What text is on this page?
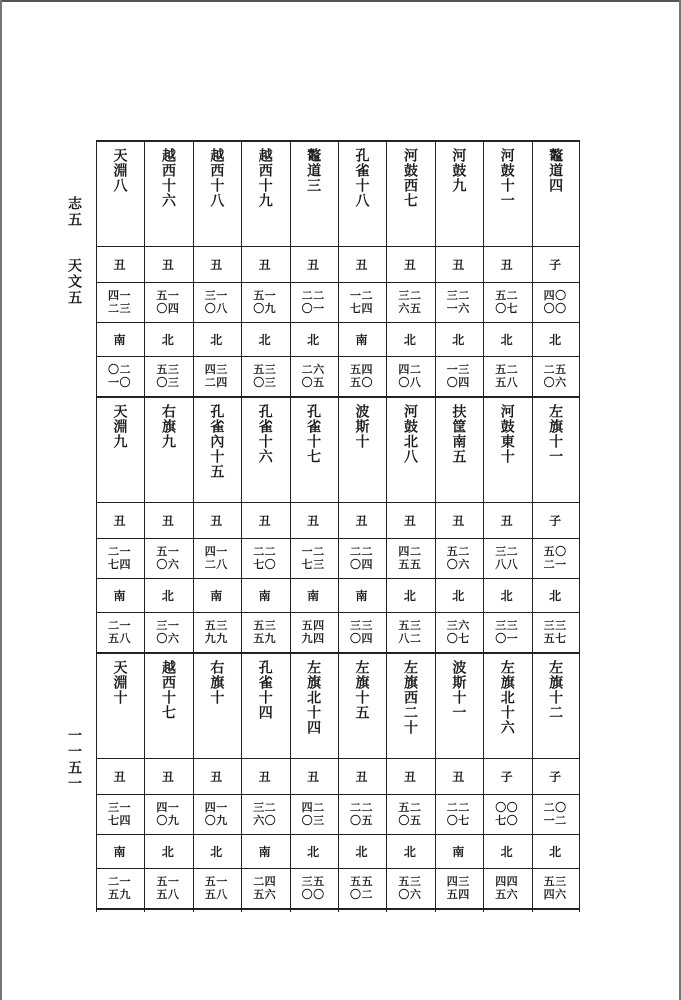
志五
天文五
一一五一
天淵八
丑
四一
二三
南
〇二
一〇
越西十六
丑
五一
〇四
北
五三
〇三
越西十八
丑
三一
〇八
北
四三
二四
越西十九
丑
五一
〇九
北
五三
〇三
鼇道三
丑
二二
〇一
北
二六
〇五
孔雀十八
丑
一二
七四
南
五四
五〇
河鼓西七
丑
三二
六五
北
四二
〇八
河鼓九
丑
三二
一六
北
一三
〇四
河鼓十一
丑
五二
〇七
北
五二
五八
鼇道四
子
四〇
〇〇
北
二五
〇六
天淵九
丑
二一
七四
南
二一
五八
右旗九
丑
五一
〇六
北
三一
〇六
孔雀內十五
丑
四一
二八
南
五三
九九
孔雀十六
丑
二二
七〇
南
五三
五九
孔雀十七
丑
一二
七三
南
五四
九四
波斯十
丑
二二
〇四
南
三三
〇四
河鼓北八
丑
四二
五五
北
五三
八二
扶筐南五
丑
五二
〇六
北
三六
〇七
河鼓東十
丑
三二
八八
北
三三
〇一
左旗十一
子
五〇
二一
北
三三
五七
天淵十
丑
三一
七四
南
二一
五九
越西十七
丑
四一
〇九
北
五一
五八
右旗十
丑
四一
〇九
北
五一
五八
孔雀十四
丑
三二
六〇
南
二四
五六
左旗北十四
丑
四二
〇三
北
三五
〇〇
左旗十五
丑
二二
〇五
北
五五
〇二
左旗西二十
丑
五二
〇五
北
五三
〇六
波斯十一
丑
二二
〇七
南
四三
五四
左旗北十六
子
〇〇
七〇
北
四四
五六
左旗十二
子
二〇
一二
北
五三
四六
